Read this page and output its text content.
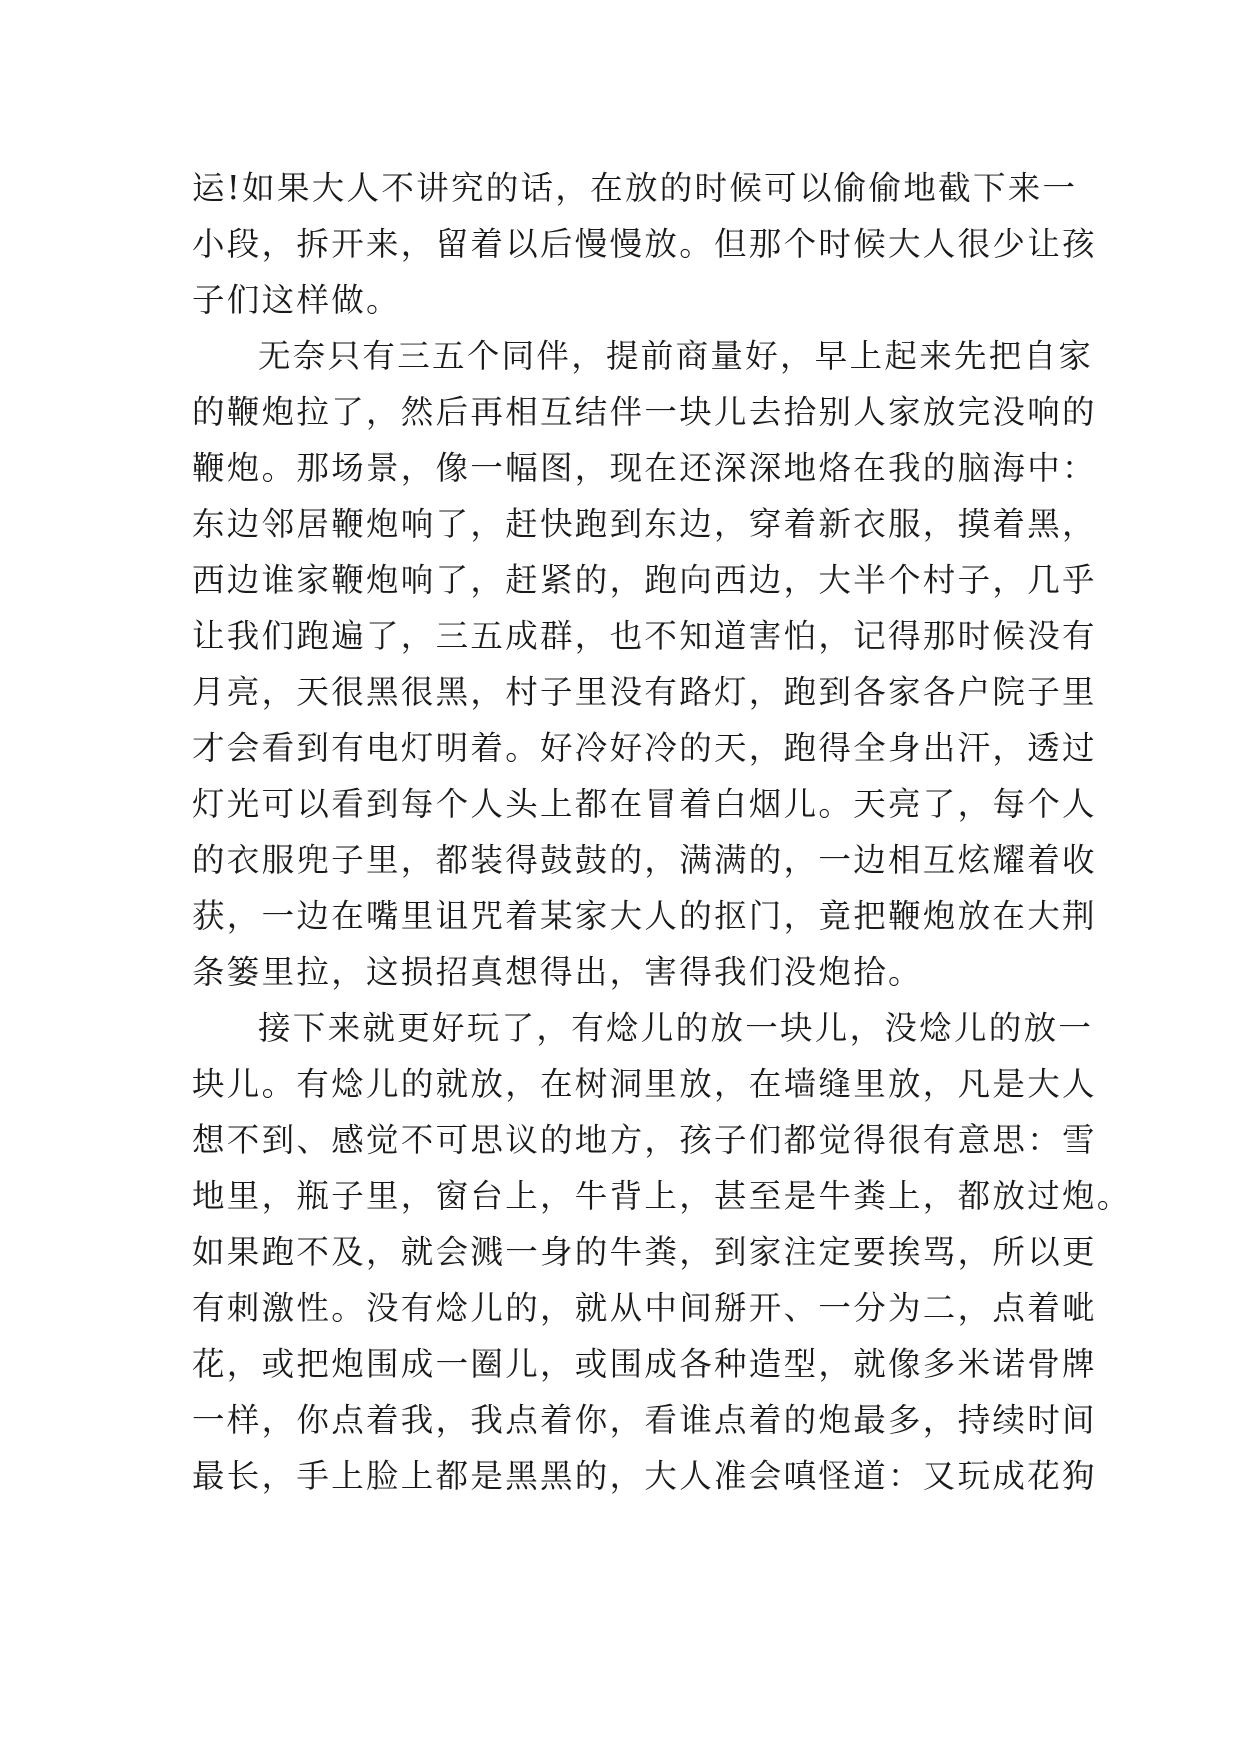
运!如果大人不讲究的话，在放的时候可以偷偷地截下来一
小段，拆开来，留着以后慢慢放。但那个时候大人很少让孩
子们这样做。
无奈只有三五个同伴，提前商量好，早上起来先把自家
的鞭炮拉了，然后再相互结伴一块儿去拾别人家放完没响的
鞭炮。那场景，像一幅图，现在还深深地烙在我的脑海中：
东边邻居鞭炮响了，赶快跑到东边，穿着新衣服，摸着黑，
西边谁家鞭炮响了，赶紧的，跑向西边，大半个村子，几乎
让我们跑遍了，三五成群，也不知道害怕，记得那时候没有
月亮，天很黑很黑，村子里没有路灯，跑到各家各户院子里
才会看到有电灯明着。好冷好冷的天，跑得全身出汗，透过
灯光可以看到每个人头上都在冒着白烟儿。天亮了，每个人
的衣服兜子里，都装得鼓鼓的，满满的，一边相互炫耀着收
获，一边在嘴里诅咒着某家大人的抠门，竟把鞭炮放在大荆
条篓里拉，这损招真想得出，害得我们没炮拾。
接下来就更好玩了，有焾儿的放一块儿，没焾儿的放一
块儿。有焾儿的就放，在树洞里放，在墙缝里放，凡是大人
想不到、感觉不可思议的地方，孩子们都觉得很有意思：雪
地里，瓶子里，窗台上，牛背上，甚至是牛粪上，都放过炮。
如果跑不及，就会溅一身的牛粪，到家注定要挨骂，所以更
有刺激性。没有焾儿的，就从中间掰开、一分为二，点着呲
花，或把炮围成一圈儿，或围成各种造型，就像多米诺骨牌
一样，你点着我，我点着你，看谁点着的炮最多，持续时间
最长，手上脸上都是黑黑的，大人准会嗔怪道：又玩成花狗
